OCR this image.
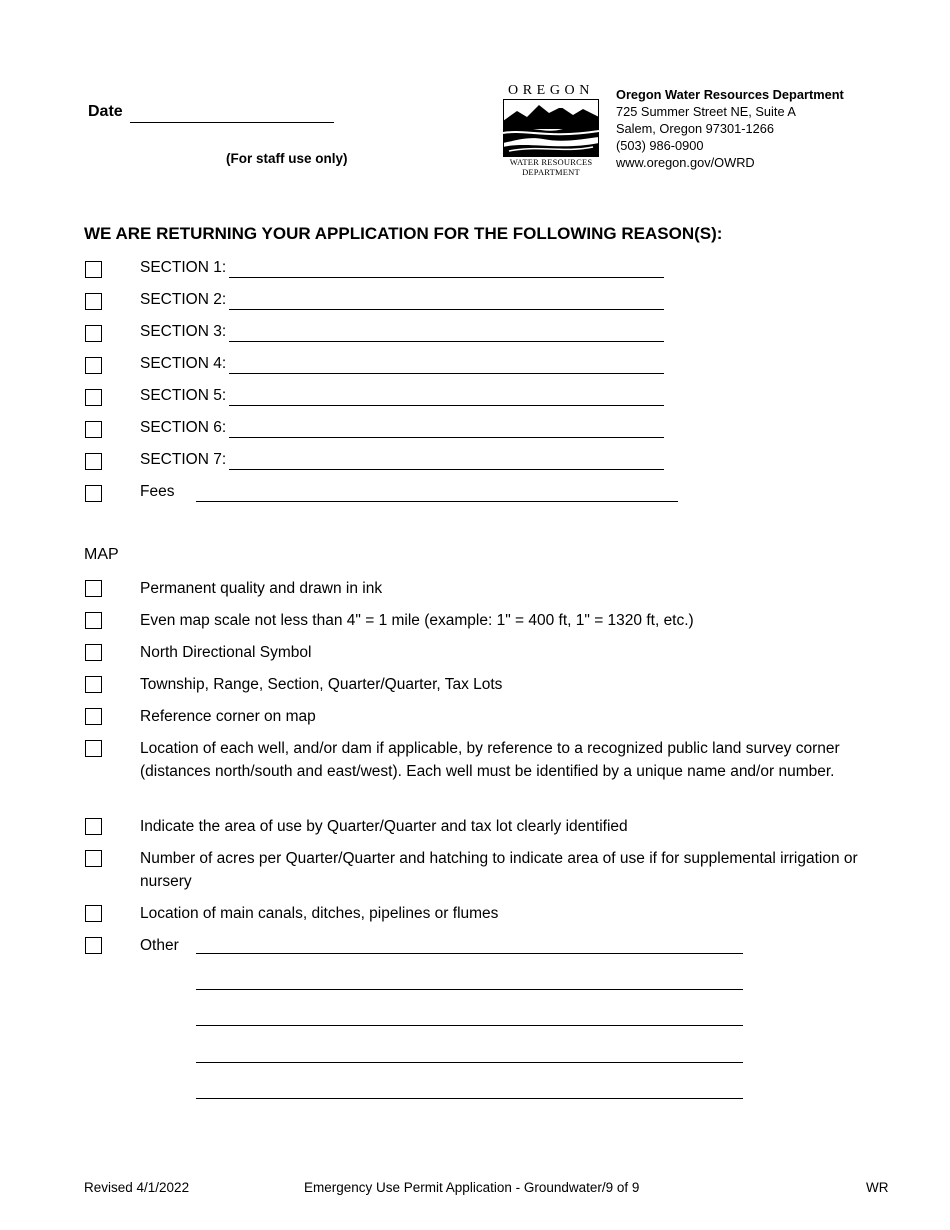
Date
(For staff use only)
OREGON
WATER RESOURCES
DEPARTMENT
Oregon Water Resources Department
725 Summer Street NE, Suite A
Salem, Oregon 97301-1266
(503) 986-0900
www.oregon.gov/OWRD
WE ARE RETURNING YOUR APPLICATION FOR THE FOLLOWING REASON(S):
SECTION 1:
SECTION 2:
SECTION 3:
SECTION 4:
SECTION 5:
SECTION 6:
SECTION 7:
Fees
MAP
Permanent quality and drawn in ink
Even map scale not less than 4" = 1 mile (example: 1" = 400 ft, 1" = 1320 ft, etc.)
North Directional Symbol
Township, Range, Section, Quarter/Quarter, Tax Lots
Reference corner on map
Location of each well, and/or dam if applicable, by reference to a recognized public land survey corner (distances north/south and east/west). Each well must be identified by a unique name and/or number.
Indicate the area of use by Quarter/Quarter and tax lot clearly identified
Number of acres per Quarter/Quarter and hatching to indicate area of use if for supplemental irrigation or nursery
Location of main canals, ditches, pipelines or flumes
Other
Revised 4/1/2022	Emergency Use Permit Application - Groundwater/9 of 9	WR
